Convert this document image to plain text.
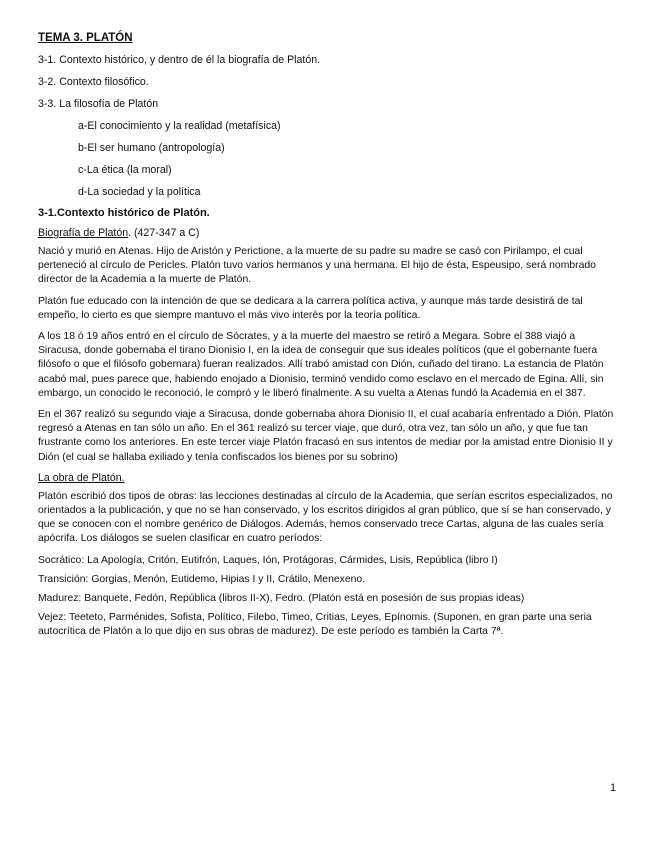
TEMA 3. PLATÓN
3-1. Contexto histórico, y dentro de él la biografía de Platón.
3-2. Contexto filosófico.
3-3. La filosofía de Platón
a-El conocimiento y la realidad (metafísica)
b-El ser humano (antropología)
c-La ética (la moral)
d-La sociedad y la política
3-1.Contexto histórico de Platón.
Biografía de Platón. (427-347 a C)

Nació y murió en Atenas. Hijo de Aristón y Perictione, a la muerte de su padre su madre se casó con Pirilampo, el cual perteneció al círculo de Pericles. Platón tuvo varios hermanos y una hermana. El hijo de ésta, Espeusipo, será nombrado director de la Academia a la muerte de Platón.

Platón fue educado con la intención de que se dedicara a la carrera política activa, y aunque más tarde desistirá de tal empeño, lo cierto es que siempre mantuvo el más vivo interés por la teoría política.

A los 18 ó 19 años entró en el círculo de Sócrates, y a la muerte del maestro se retiró a Megara. Sobre el 388 viajó a Siracusa, donde gobernaba el tirano Dionisio I, en la idea de conseguir que sus ideales políticos (que el gobernante fuera filósofo o que el filósofo gobernara) fueran realizados. Allí trabó amistad con Dión, cuñado del tirano. La estancia de Platón acabó mal, pues parece que, habiendo enojado a Dionisio, terminó vendido como esclavo en el mercado de Egina. Allí, sin embargo, un conocido le reconoció, le compró y le liberó finalmente. A su vuelta a Atenas fundó la Academia en el 387.

En el 367 realizó su segundo viaje a Siracusa, donde gobernaba ahora Dionisio II, el cual acabaría enfrentado a Dión. Platón regresó a Atenas en tan sólo un año. En el 361 realizó su tercer viaje, que duró, otra vez, tan sólo un año, y que fue tan frustrante como los anteriores. En este tercer viaje Platón fracasó en sus intentos de mediar por la amistad entre Dionisio II y Dión (el cual se hallaba exiliado y tenía confiscados los bienes por su sobrino)

La obra de Platón.

Platón escribió dos tipos de obras: las lecciones destinadas al círculo de la Academia, que serían escritos especializados, no orientados a la publicación, y que no se han conservado, y los escritos dirigidos al gran público, que sí se han conservado, y que se conocen con el nombre genérico de Diálogos. Además, hemos conservado trece Cartas, alguna de las cuales sería apócrifa. Los diálogos se suelen clasificar en cuatro períodos:

Socrático: La Apología, Critón, Eutifrón, Laques, Ión, Protágoras, Cármides, Lisis, República (libro I)
Transición: Gorgias, Menón, Eutidemo, Hipias I y II, Crátilo, Menexeno.
Madurez: Banquete, Fedón, República (libros II-X), Fedro. (Platón está en posesión de sus propias ideas)
Vejez: Teeteto, Parménides, Sofista, Político, Filebo, Timeo, Critias, Leyes, Epínomis. (Suponen, en gran parte una seria autocrítica de Platón a lo que dijo en sus obras de madurez). De este período es también la Carta 7ª.
1
